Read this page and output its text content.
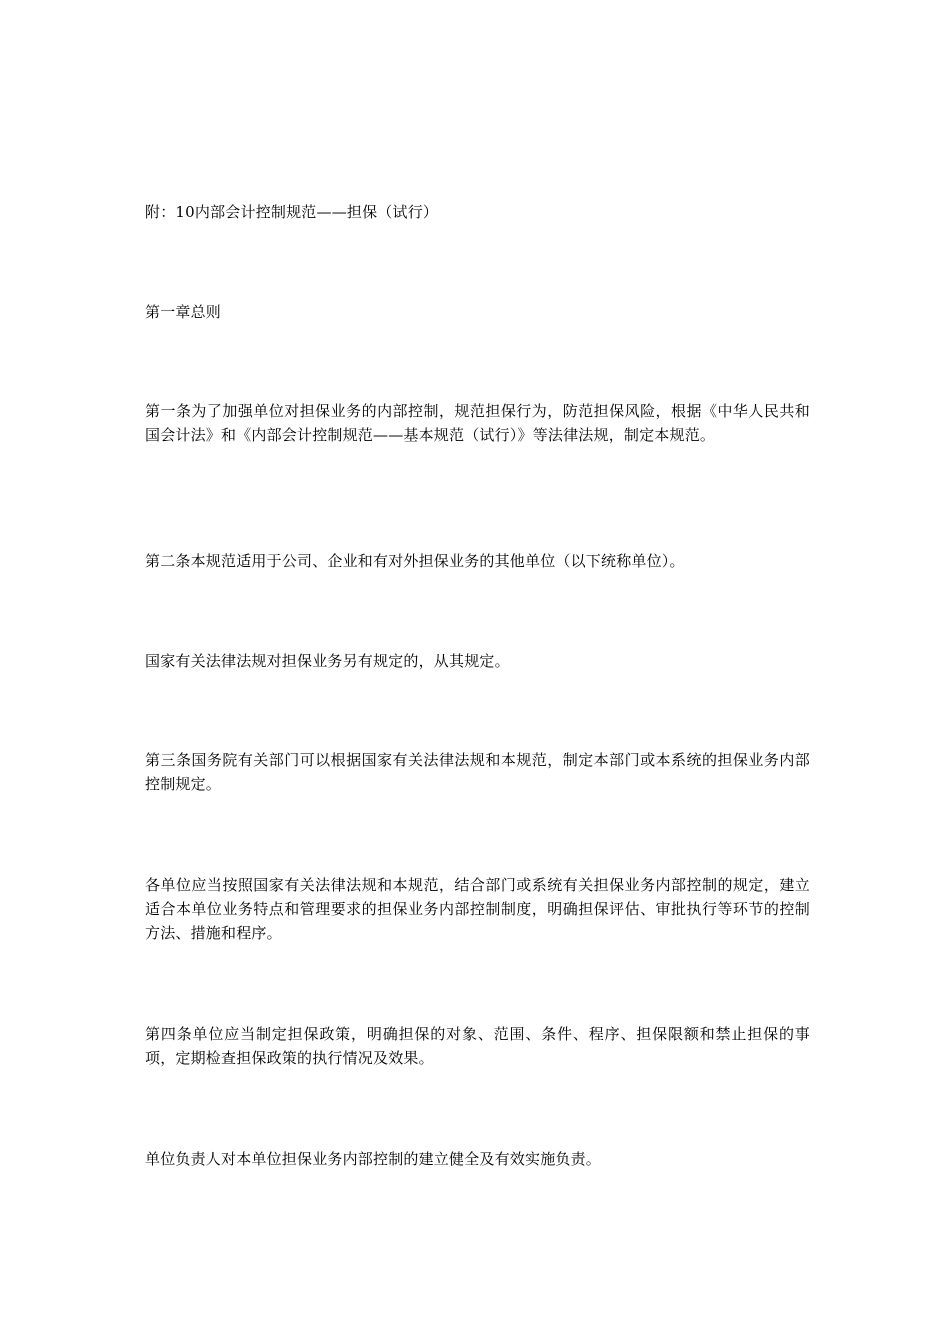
附：10内部会计控制规范——担保（试行）

第一章总则

第一条为了加强单位对担保业务的内部控制，规范担保行为，防范担保风险，根据《中华人民共和国会计法》和《内部会计控制规范——基本规范（试行）》等法律法规，制定本规范。

第二条本规范适用于公司、企业和有对外担保业务的其他单位（以下统称单位）。

国家有关法律法规对担保业务另有规定的，从其规定。

第三条国务院有关部门可以根据国家有关法律法规和本规范，制定本部门或本系统的担保业务内部控制规定。

各单位应当按照国家有关法律法规和本规范，结合部门或系统有关担保业务内部控制的规定，建立适合本单位业务特点和管理要求的担保业务内部控制制度，明确担保评估、审批执行等环节的控制方法、措施和程序。

第四条单位应当制定担保政策，明确担保的对象、范围、条件、程序、担保限额和禁止担保的事项，定期检查担保政策的执行情况及效果。

单位负责人对本单位担保业务内部控制的建立健全及有效实施负责。
